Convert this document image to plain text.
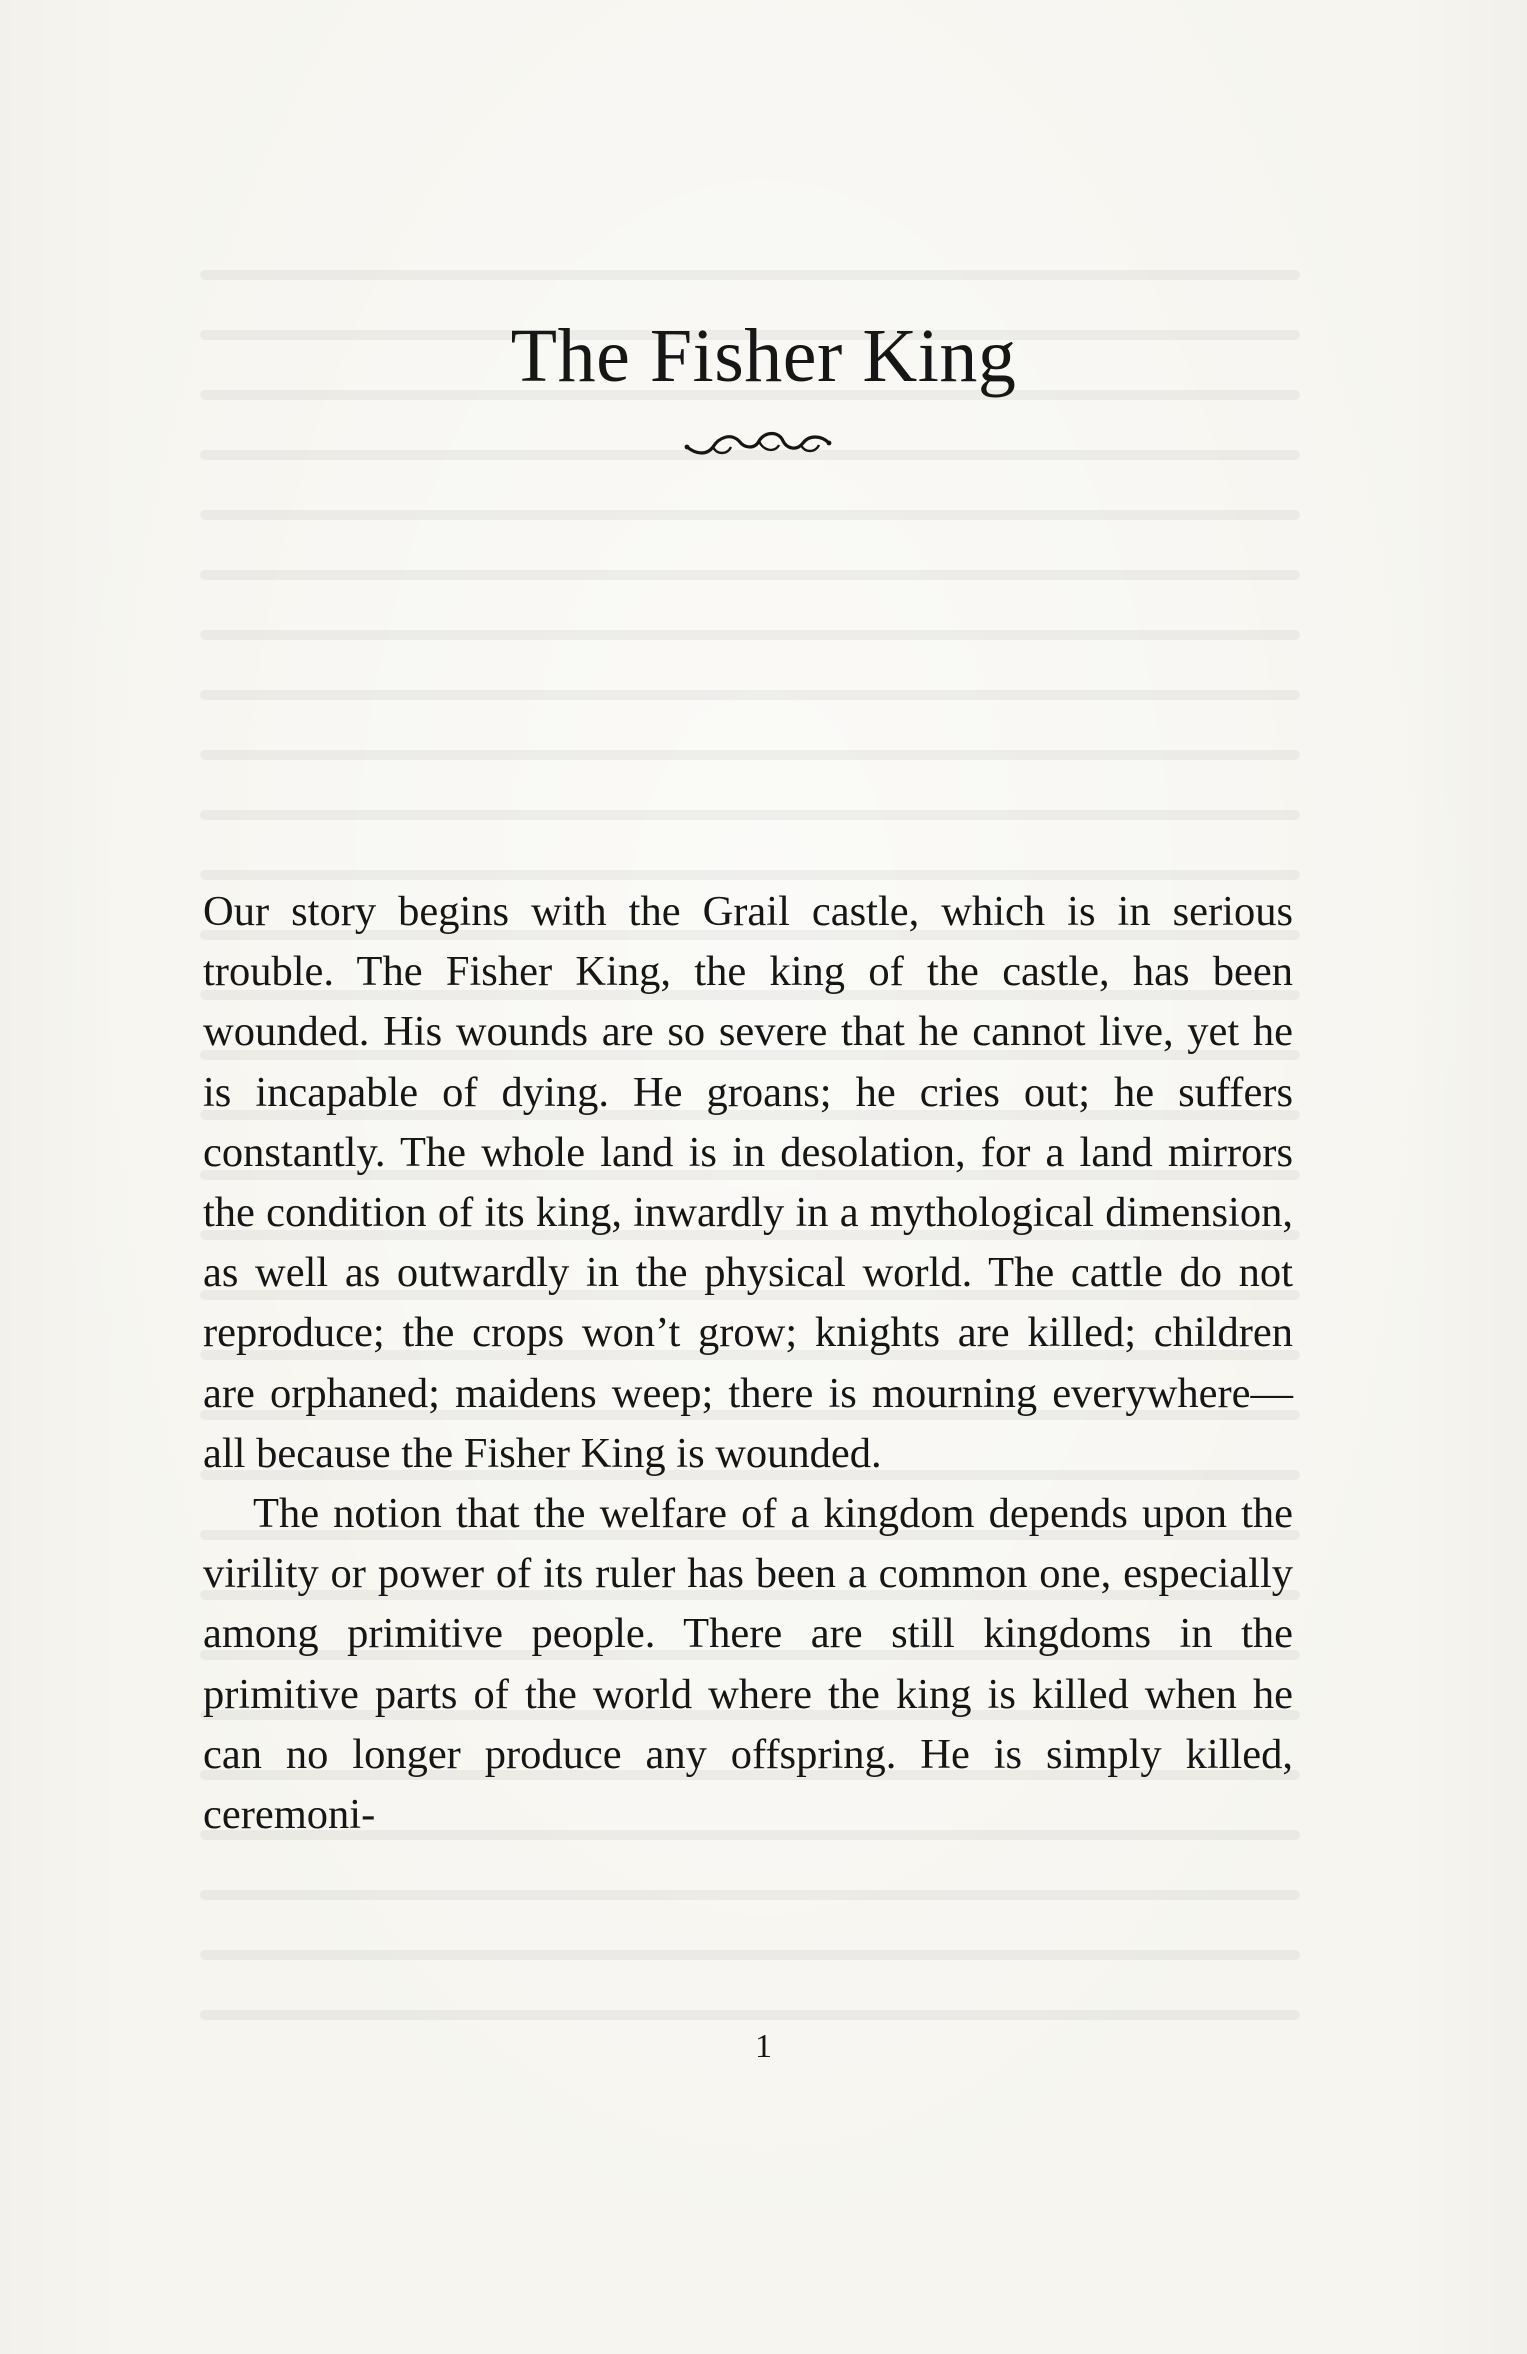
The Fisher King

Our story begins with the Grail castle, which is in serious trouble. The Fisher King, the king of the castle, has been wounded. His wounds are so severe that he cannot live, yet he is incapable of dying. He groans; he cries out; he suffers constantly. The whole land is in desolation, for a land mirrors the condition of its king, inwardly in a mythological dimension, as well as outwardly in the physical world. The cattle do not reproduce; the crops won’t grow; knights are killed; children are orphaned; maidens weep; there is mourning everywhere—all because the Fisher King is wounded.

The notion that the welfare of a kingdom depends upon the virility or power of its ruler has been a common one, especially among primitive people. There are still kingdoms in the primitive parts of the world where the king is killed when he can no longer produce any offspring. He is simply killed, ceremoni-

1
